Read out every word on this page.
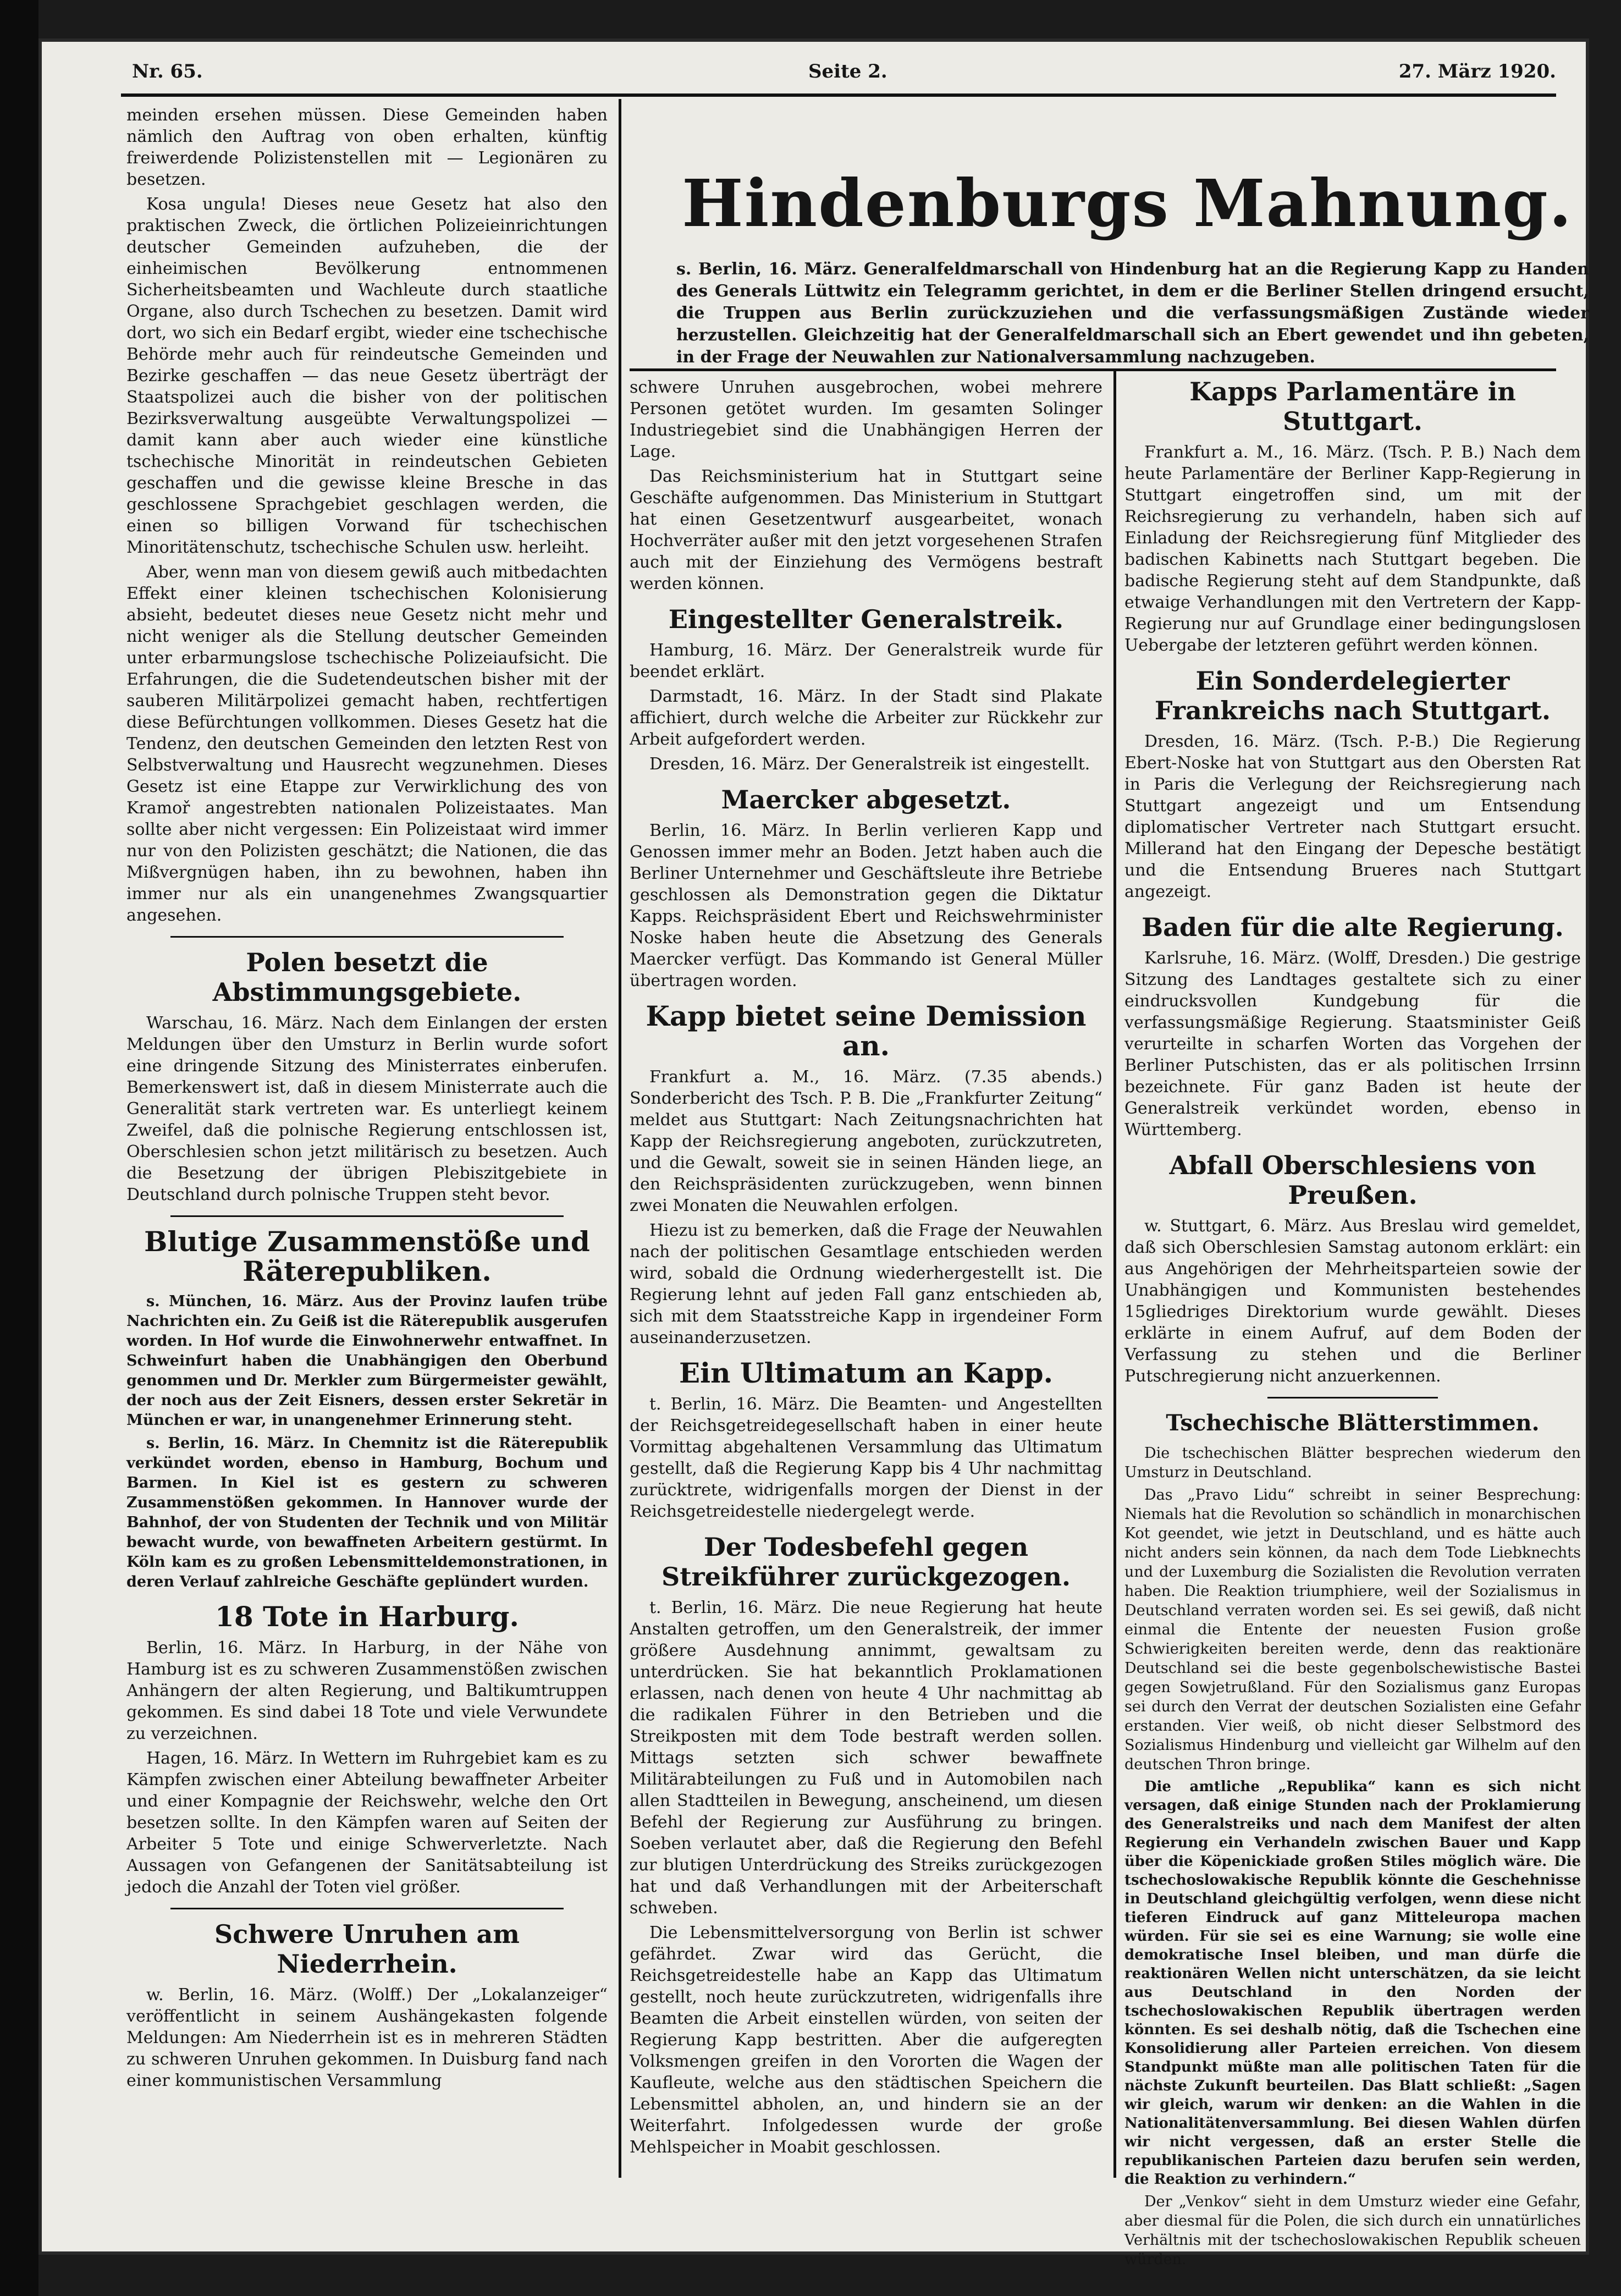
Nr. 65.	Seite 2.	27. März 1920.
Hindenburgs Mahnung.
s. Berlin, 16. März. Generalfeldmarschall von Hindenburg hat an die Regierung Kapp zu Handen des Generals Lüttwitz ein Telegramm gerichtet, in dem er die Berliner Stellen dringend ersucht, die Truppen aus Berlin zurückzuziehen und die verfassungsmäßigen Zustände wieder herzustellen. Gleichzeitig hat der Generalfeldmarschall sich an Ebert gewendet und ihn gebeten, in der Frage der Neuwahlen zur Nationalversammlung nachzugeben.

meinden ersehen müssen. Diese Gemeinden haben nämlich den Auftrag von oben erhalten, künftig freiwerdende Polizistenstellen mit — Legionären zu besetzen.

Kosa ungula! Dieses neue Gesetz hat also den praktischen Zweck, die örtlichen Polizeieinrichtungen deutscher Gemeinden aufzuheben, die der einheimischen Bevölkerung entnommenen Sicherheitsbeamten und Wachleute durch staatliche Organe, also durch Tschechen zu besetzen. Damit wird dort, wo sich ein Bedarf ergibt, wieder eine tschechische Behörde mehr auch für reindeutsche Gemeinden und Bezirke geschaffen — das neue Gesetz überträgt der Staatspolizei auch die bisher von der politischen Bezirksverwaltung ausgeübte Verwaltungspolizei — damit kann aber auch wieder eine künstliche tschechische Minorität in reindeutschen Gebieten geschaffen und die gewisse kleine Bresche in das geschlossene Sprachgebiet geschlagen werden, die einen so billigen Vorwand für tschechischen Minoritätenschutz, tschechische Schulen usw. herleiht.

Aber, wenn man von diesem gewiß auch mitbedachten Effekt einer kleinen tschechischen Kolonisierung absieht, bedeutet dieses neue Gesetz nicht mehr und nicht weniger als die Stellung deutscher Gemeinden unter erbarmungslose tschechische Polizeiaufsicht. Die Erfahrungen, die die Sudetendeutschen bisher mit der sauberen Militärpolizei gemacht haben, rechtfertigen diese Befürchtungen vollkommen. Dieses Gesetz hat die Tendenz, den deutschen Gemeinden den letzten Rest von Selbstverwaltung und Hausrecht wegzunehmen. Dieses Gesetz ist eine Etappe zur Verwirklichung des von Kramoř angestrebten nationalen Polizeistaates. Man sollte aber nicht vergessen: Ein Polizeistaat wird immer nur von den Polizisten geschätzt; die Nationen, die das Mißvergnügen haben, ihn zu bewohnen, haben ihn immer nur als ein unangenehmes Zwangsquartier angesehen.

Polen besetzt die Abstimmungsgebiete.

Warschau, 16. März. Nach dem Einlangen der ersten Meldungen über den Umsturz in Berlin wurde sofort eine dringende Sitzung des Ministerrates einberufen. Bemerkenswert ist, daß in diesem Ministerrate auch die Generalität stark vertreten war. Es unterliegt keinem Zweifel, daß die polnische Regierung entschlossen ist, Oberschlesien schon jetzt militärisch zu besetzen. Auch die Besetzung der übrigen Plebiszitgebiete in Deutschland durch polnische Truppen steht bevor.

Blutige Zusammenstöße und Räterepubliken.

s. München, 16. März. Aus der Provinz laufen trübe Nachrichten ein. Zu Geiß ist die Räterepublik ausgerufen worden. In Hof wurde die Einwohnerwehr entwaffnet. In Schweinfurt haben die Unabhängigen den Oberbund genommen und Dr. Merkler zum Bürgermeister gewählt, der noch aus der Zeit Eisners, dessen erster Sekretär in München er war, in unangenehmer Erinnerung steht.

s. Berlin, 16. März. In Chemnitz ist die Räterepublik verkündet worden, ebenso in Hamburg, Bochum und Barmen. In Kiel ist es gestern zu schweren Zusammenstößen gekommen. In Hannover wurde der Bahnhof, der von Studenten der Technik und von Militär bewacht wurde, von bewaffneten Arbeitern gestürmt. In Köln kam es zu großen Lebensmitteldemonstrationen, in deren Verlauf zahlreiche Geschäfte geplündert wurden.

18 Tote in Harburg.

Berlin, 16. März. In Harburg, in der Nähe von Hamburg ist es zu schweren Zusammenstößen zwischen Anhängern der alten Regierung, und Baltikumtruppen gekommen. Es sind dabei 18 Tote und viele Verwundete zu verzeichnen.

Hagen, 16. März. In Wettern im Ruhrgebiet kam es zu Kämpfen zwischen einer Abteilung bewaffneter Arbeiter und einer Kompagnie der Reichswehr, welche den Ort besetzen sollte. In den Kämpfen waren auf Seiten der Arbeiter 5 Tote und einige Schwerverletzte. Nach Aussagen von Gefangenen der Sanitätsabteilung ist jedoch die Anzahl der Toten viel größer.

Schwere Unruhen am Niederrhein.

w. Berlin, 16. März. (Wolff.) Der „Lokalanzeiger“ veröffentlicht in seinem Aushängekasten folgende Meldungen: Am Niederrhein ist es in mehreren Städten zu schweren Unruhen gekommen. In Duisburg fand nach einer kommunistischen Versammlung

schwere Unruhen ausgebrochen, wobei mehrere Personen getötet wurden. Im gesamten Solinger Industriegebiet sind die Unabhängigen Herren der Lage.

Das Reichsministerium hat in Stuttgart seine Geschäfte aufgenommen. Das Ministerium in Stuttgart hat einen Gesetzentwurf ausgearbeitet, wonach Hochverräter außer mit den jetzt vorgesehenen Strafen auch mit der Einziehung des Vermögens bestraft werden können.

Eingestellter Generalstreik.

Hamburg, 16. März. Der Generalstreik wurde für beendet erklärt.

Darmstadt, 16. März. In der Stadt sind Plakate affichiert, durch welche die Arbeiter zur Rückkehr zur Arbeit aufgefordert werden.

Dresden, 16. März. Der Generalstreik ist eingestellt.

Maercker abgesetzt.

Berlin, 16. März. In Berlin verlieren Kapp und Genossen immer mehr an Boden. Jetzt haben auch die Berliner Unternehmer und Geschäftsleute ihre Betriebe geschlossen als Demonstration gegen die Diktatur Kapps. Reichspräsident Ebert und Reichswehrminister Noske haben heute die Absetzung des Generals Maercker verfügt. Das Kommando ist General Müller übertragen worden.

Kapp bietet seine Demission an.

Frankfurt a. M., 16. März. (7.35 abends.) Sonderbericht des Tsch. P. B. Die „Frankfurter Zeitung“ meldet aus Stuttgart: Nach Zeitungsnachrichten hat Kapp der Reichsregierung angeboten, zurückzutreten, und die Gewalt, soweit sie in seinen Händen liege, an den Reichspräsidenten zurückzugeben, wenn binnen zwei Monaten die Neuwahlen erfolgen.

Hiezu ist zu bemerken, daß die Frage der Neuwahlen nach der politischen Gesamtlage entschieden werden wird, sobald die Ordnung wiederhergestellt ist. Die Regierung lehnt auf jeden Fall ganz entschieden ab, sich mit dem Staatsstreiche Kapp in irgendeiner Form auseinanderzusetzen.

Ein Ultimatum an Kapp.

t. Berlin, 16. März. Die Beamten- und Angestellten der Reichsgetreidegesellschaft haben in einer heute Vormittag abgehaltenen Versammlung das Ultimatum gestellt, daß die Regierung Kapp bis 4 Uhr nachmittag zurücktrete, widrigenfalls morgen der Dienst in der Reichsgetreidestelle niedergelegt werde.

Der Todesbefehl gegen Streikführer zurückgezogen.

t. Berlin, 16. März. Die neue Regierung hat heute Anstalten getroffen, um den Generalstreik, der immer größere Ausdehnung annimmt, gewaltsam zu unterdrücken. Sie hat bekanntlich Proklamationen erlassen, nach denen von heute 4 Uhr nachmittag ab die radikalen Führer in den Betrieben und die Streikposten mit dem Tode bestraft werden sollen. Mittags setzten sich schwer bewaffnete Militärabteilungen zu Fuß und in Automobilen nach allen Stadtteilen in Bewegung, anscheinend, um diesen Befehl der Regierung zur Ausführung zu bringen. Soeben verlautet aber, daß die Regierung den Befehl zur blutigen Unterdrückung des Streiks zurückgezogen hat und daß Verhandlungen mit der Arbeiterschaft schweben.

Die Lebensmittelversorgung von Berlin ist schwer gefährdet. Zwar wird das Gerücht, die Reichsgetreidestelle habe an Kapp das Ultimatum gestellt, noch heute zurückzutreten, widrigenfalls ihre Beamten die Arbeit einstellen würden, von seiten der Regierung Kapp bestritten. Aber die aufgeregten Volksmengen greifen in den Vororten die Wagen der Kaufleute, welche aus den städtischen Speichern die Lebensmittel abholen, an, und hindern sie an der Weiterfahrt. Infolgedessen wurde der große Mehlspeicher in Moabit geschlossen.

Kapps Parlamentäre in Stuttgart.

Frankfurt a. M., 16. März. (Tsch. P. B.) Nach dem heute Parlamentäre der Berliner Kapp-Regierung in Stuttgart eingetroffen sind, um mit der Reichsregierung zu verhandeln, haben sich auf Einladung der Reichsregierung fünf Mitglieder des badischen Kabinetts nach Stuttgart begeben. Die badische Regierung steht auf dem Standpunkte, daß etwaige Verhandlungen mit den Vertretern der Kapp-Regierung nur auf Grundlage einer bedingungslosen Uebergabe der letzteren geführt werden können.

Ein Sonderdelegierter Frankreichs nach Stuttgart.

Dresden, 16. März. (Tsch. P.-B.) Die Regierung Ebert-Noske hat von Stuttgart aus den Obersten Rat in Paris die Verlegung der Reichsregierung nach Stuttgart angezeigt und um Entsendung diplomatischer Vertreter nach Stuttgart ersucht. Millerand hat den Eingang der Depesche bestätigt und die Entsendung Brueres nach Stuttgart angezeigt.

Baden für die alte Regierung.

Karlsruhe, 16. März. (Wolff, Dresden.) Die gestrige Sitzung des Landtages gestaltete sich zu einer eindrucksvollen Kundgebung für die verfassungsmäßige Regierung. Staatsminister Geiß verurteilte in scharfen Worten das Vorgehen der Berliner Putschisten, das er als politischen Irrsinn bezeichnete. Für ganz Baden ist heute der Generalstreik verkündet worden, ebenso in Württemberg.

Abfall Oberschlesiens von Preußen.

w. Stuttgart, 6. März. Aus Breslau wird gemeldet, daß sich Oberschlesien Samstag autonom erklärt: ein aus Angehörigen der Mehrheitsparteien sowie der Unabhängigen und Kommunisten bestehendes 15gliedriges Direktorium wurde gewählt. Dieses erklärte in einem Aufruf, auf dem Boden der Verfassung zu stehen und die Berliner Putschregierung nicht anzuerkennen.

Tschechische Blätterstimmen.

Die tschechischen Blätter besprechen wiederum den Umsturz in Deutschland.

Das „Pravo Lidu“ schreibt in seiner Besprechung: Niemals hat die Revolution so schändlich in monarchischen Kot geendet, wie jetzt in Deutschland, und es hätte auch nicht anders sein können, da nach dem Tode Liebknechts und der Luxemburg die Sozialisten die Revolution verraten haben. Die Reaktion triumphiere, weil der Sozialismus in Deutschland verraten worden sei. Es sei gewiß, daß nicht einmal die Entente der neuesten Fusion große Schwierigkeiten bereiten werde, denn das reaktionäre Deutschland sei die beste gegenbolschewistische Bastei gegen Sowjetrußland. Für den Sozialismus ganz Europas sei durch den Verrat der deutschen Sozialisten eine Gefahr erstanden. Vier weiß, ob nicht dieser Selbstmord des Sozialismus Hindenburg und vielleicht gar Wilhelm auf den deutschen Thron bringe.

Die amtliche „Republika“ kann es sich nicht versagen, daß einige Stunden nach der Proklamierung des Generalstreiks und nach dem Manifest der alten Regierung ein Verhandeln zwischen Bauer und Kapp über die Köpenickiade großen Stiles möglich wäre. Die tschechoslowakische Republik könnte die Geschehnisse in Deutschland gleichgültig verfolgen, wenn diese nicht tieferen Eindruck auf ganz Mitteleuropa machen würden. Für sie sei es eine Warnung; sie wolle eine demokratische Insel bleiben, und man dürfe die reaktionären Wellen nicht unterschätzen, da sie leicht aus Deutschland in den Norden der tschechoslowakischen Republik übertragen werden könnten. Es sei deshalb nötig, daß die Tschechen eine Konsolidierung aller Parteien erreichen. Von diesem Standpunkt müßte man alle politischen Taten für die nächste Zukunft beurteilen. Das Blatt schließt: „Sagen wir gleich, warum wir denken: an die Wahlen in die Nationalitätenversammlung. Bei diesen Wahlen dürfen wir nicht vergessen, daß an erster Stelle die republikanischen Parteien dazu berufen sein werden, die Reaktion zu verhindern.“

Der „Venkov“ sieht in dem Umsturz wieder eine Gefahr, aber diesmal für die Polen, die sich durch ein unnatürliches Verhältnis mit der tschechoslowakischen Republik scheuen würden.
